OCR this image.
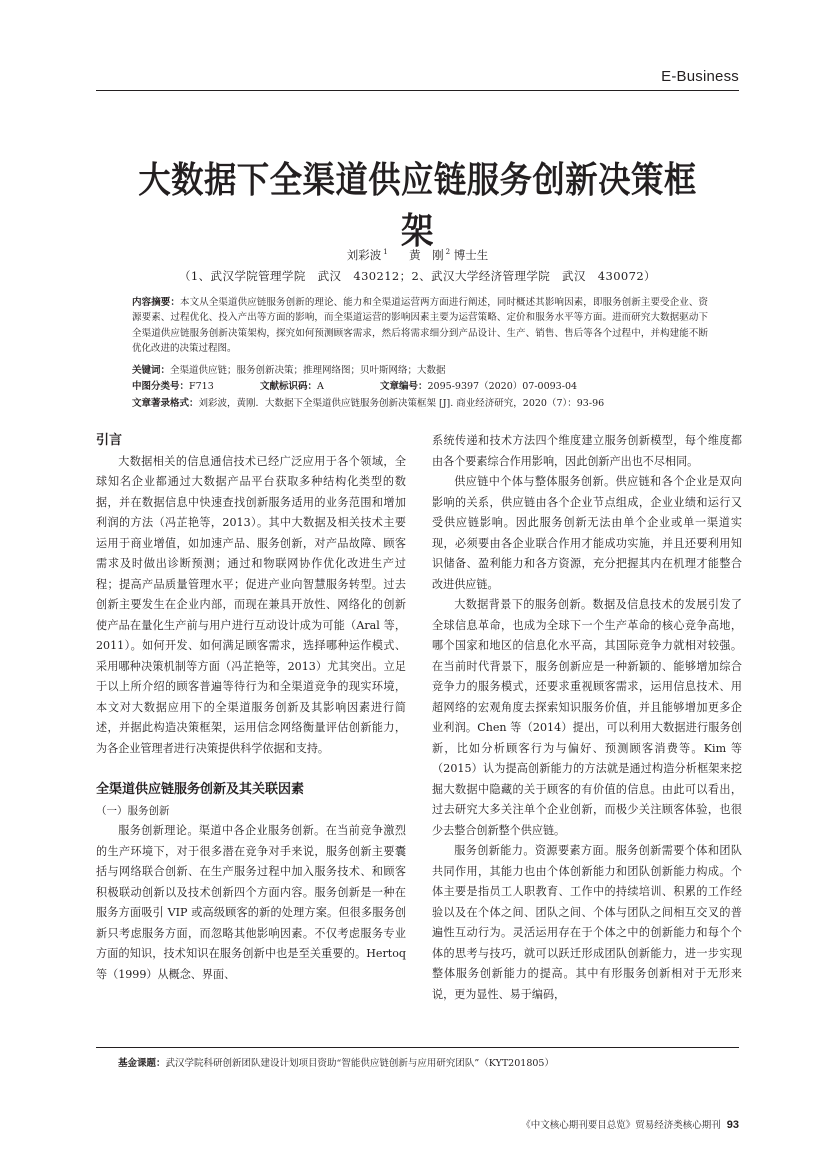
E-Business
大数据下全渠道供应链服务创新决策框架
刘彩波 $^1$ 黄　刚 $^2$ 博士生
（1、武汉学院管理学院　武汉　430212；2、武汉大学经济管理学院　武汉　430072）
内容摘要：本文从全渠道供应链服务创新的理论、能力和全渠道运营两方面进行阐述，同时概述其影响因素，即服务创新主要受企业、资源要素、过程优化、投入产出等方面的影响，而全渠道运营的影响因素主要为运营策略、定价和服务水平等方面。进而研究大数据驱动下全渠道供应链服务创新决策架构，探究如何预测顾客需求，然后将需求细分到产品设计、生产、销售、售后等各个过程中，并构建能不断优化改进的决策过程图。
关键词：全渠道供应链；服务创新决策；推理网络图；贝叶斯网络；大数据
中图分类号：F713	文献标识码：A	文章编号：2095-9397（2020）07-0093-04
文章著录格式：刘彩波，黄刚．大数据下全渠道供应链服务创新决策框架 [J]. 商业经济研究，2020（7）：93-96
引言

大数据相关的信息通信技术已经广泛应用于各个领域，全球知名企业都通过大数据产品平台获取多种结构化类型的数据，并在数据信息中快速查找创新服务适用的业务范围和增加利润的方法（冯芷艳等，2013）。其中大数据及相关技术主要运用于商业增值，如加速产品、服务创新，对产品故障、顾客需求及时做出诊断预测；通过和物联网协作优化改进生产过程；提高产品质量管理水平；促进产业向智慧服务转型。过去创新主要发生在企业内部，而现在兼具开放性、网络化的创新使产品在量化生产前与用户进行互动设计成为可能（Aral 等，2011）。如何开发、如何满足顾客需求，选择哪种运作模式、采用哪种决策机制等方面（冯芷艳等，2013）尤其突出。立足于以上所介绍的顾客普遍等待行为和全渠道竞争的现实环境，本文对大数据应用下的全渠道服务创新及其影响因素进行简述，并据此构造决策框架，运用信念网络衡量评估创新能力，为各企业管理者进行决策提供科学依据和支持。

全渠道供应链服务创新及其关联因素

（一）服务创新

服务创新理论。渠道中各企业服务创新。在当前竞争激烈的生产环境下，对于很多潜在竞争对手来说，服务创新主要囊括与网络联合创新、在生产服务过程中加入服务技术、和顾客积极联动创新以及技术创新四个方面内容。服务创新是一种在服务方面吸引 VIP 或高级顾客的新的处理方案。但很多服务创新只考虑服务方面，而忽略其他影响因素。不仅考虑服务专业方面的知识，技术知识在服务创新中也是至关重要的。Hertoq 等（1999）从概念、界面、

系统传递和技术方法四个维度建立服务创新模型，每个维度都由各个要素综合作用影响，因此创新产出也不尽相同。

供应链中个体与整体服务创新。供应链和各个企业是双向影响的关系，供应链由各个企业节点组成，企业业绩和运行又受供应链影响。因此服务创新无法由单个企业或单一渠道实现，必须要由各企业联合作用才能成功实施，并且还要利用知识储备、盈利能力和各方资源，充分把握其内在机理才能整合改进供应链。

大数据背景下的服务创新。数据及信息技术的发展引发了全球信息革命，也成为全球下一个生产革命的核心竞争高地，哪个国家和地区的信息化水平高，其国际竞争力就相对较强。在当前时代背景下，服务创新应是一种新颖的、能够增加综合竞争力的服务模式，还要求重视顾客需求，运用信息技术、用超网络的宏观角度去探索知识服务价值，并且能够增加更多企业利润。Chen 等（2014）提出，可以利用大数据进行服务创新，比如分析顾客行为与偏好、预测顾客消费等。Kim 等（2015）认为提高创新能力的方法就是通过构造分析框架来挖掘大数据中隐藏的关于顾客的有价值的信息。由此可以看出，过去研究大多关注单个企业创新，而极少关注顾客体验，也很少去整合创新整个供应链。

服务创新能力。资源要素方面。服务创新需要个体和团队共同作用，其能力也由个体创新能力和团队创新能力构成。个体主要是指员工人职教育、工作中的持续培训、积累的工作经验以及在个体之间、团队之间、个体与团队之间相互交叉的普遍性互动行为。灵活运用存在于个体之中的创新能力和每个个体的思考与技巧，就可以跃迁形成团队创新能力，进一步实现整体服务创新能力的提高。其中有形服务创新相对于无形来说，更为显性、易于编码，

基金课题：武汉学院科研创新团队建设计划项目资助“智能供应链创新与应用研究团队”（KYT201805）
《中文核心期刊要目总览》贸易经济类核心期刊 93
